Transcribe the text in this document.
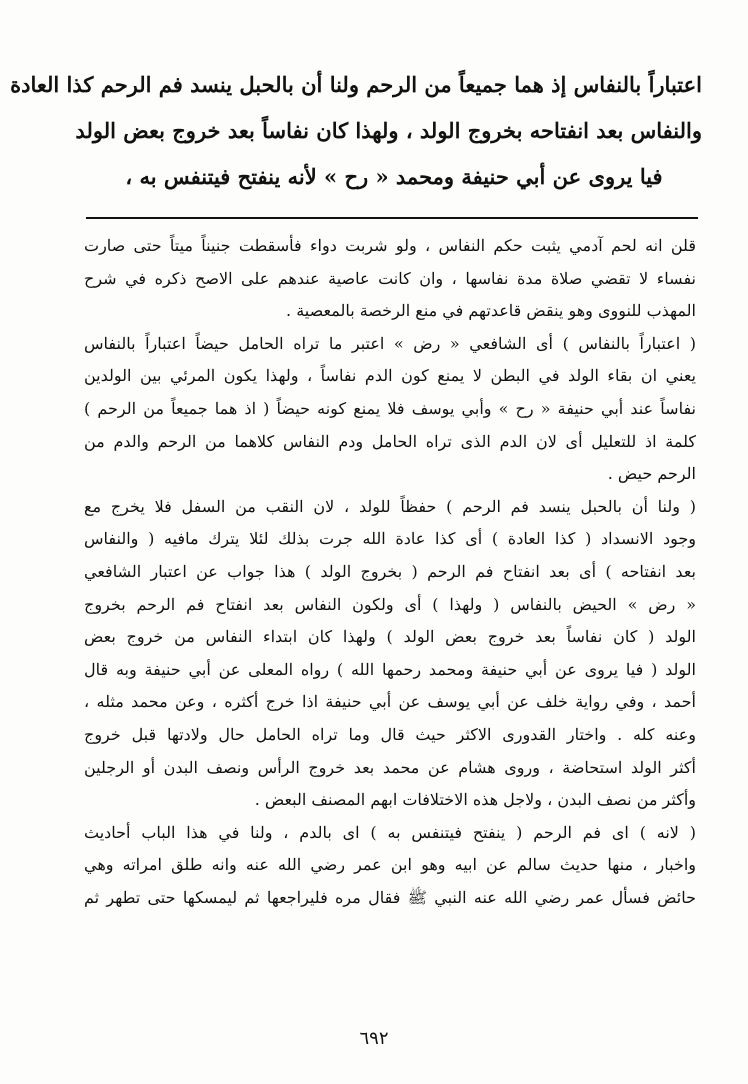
اعتباراً بالنفاس إذ هما جميعاً من الرحم ولنا أن بالحبل ينسد فم الرحم كذا العادة
والنفاس بعد انفتاحه بخروج الولد ، ولهذا كان نفاساً بعد خروج بعض الولد
فيا يروى عن أبي حنيفة ومحمد « رح » لأنه ينفتح فيتنفس به ،
قلن انه لحم آدمي يثبت حكم النفاس ، ولو شربت دواء فأسقطت جنيناً ميتاً حتى صارت
نفساء لا تقضي صلاة مدة نفاسها ، وان كانت عاصية عندهم على الاصح ذكره في شرح
المهذب للنووى وهو ينقض قاعدتهم في منع الرخصة بالمعصية .
( اعتباراً بالنفاس ) أى الشافعي « رض » اعتبر ما تراه الحامل حيضاً اعتباراً بالنفاس
يعني ان بقاء الولد في البطن لا يمنع كون الدم نفاساً ، ولهذا يكون المرئي بين الولدين
نفاساً عند أبي حنيفة « رح » وأبي يوسف فلا يمنع كونه حيضاً ( اذ هما جميعاً من الرحم )
كلمة اذ للتعليل أى لان الدم الذى تراه الحامل ودم النفاس كلاهما من الرحم والدم من
الرحم حيض .
( ولنا أن بالحبل ينسد فم الرحم ) حفظاً للولد ، لان النقب من السفل فلا يخرج مع
وجود الانسداد ( كذا العادة ) أى كذا عادة الله جرت بذلك لئلا يترك مافيه ( والنفاس
بعد انفتاحه ) أى بعد انفتاح فم الرحم ( بخروج الولد ) هذا جواب عن اعتبار الشافعي
« رض » الحيض بالنفاس ( ولهذا ) أى ولكون النفاس بعد انفتاح فم الرحم بخروج
الولد ( كان نفاساً بعد خروج بعض الولد ) ولهذا كان ابتداء النفاس من خروج بعض
الولد ( فيا يروى عن أبي حنيفة ومحمد رحمها الله ) رواه المعلى عن أبي حنيفة وبه قال
أحمد ، وفي رواية خلف عن أبي يوسف عن أبي حنيفة اذا خرج أكثره ، وعن محمد مثله ،
وعنه كله . واختار القدورى الاكثر حيث قال وما تراه الحامل حال ولادتها قبل خروج
أكثر الولد استحاضة ، وروى هشام عن محمد بعد خروج الرأس ونصف البدن أو الرجلين
وأكثر من نصف البدن ، ولاجل هذه الاختلافات ابهم المصنف البعض .
( لانه ) اى فم الرحم ( ينفتح فيتنفس به ) اى بالدم ، ولنا في هذا الباب أحاديث
واخبار ، منها حديث سالم عن ابيه وهو ابن عمر رضي الله عنه وانه طلق امراته وهي
حائض فسأل عمر رضي الله عنه النبي ﷺ فقال مره فليراجعها ثم ليمسكها حتى تطهر ثم
٦٩٢
